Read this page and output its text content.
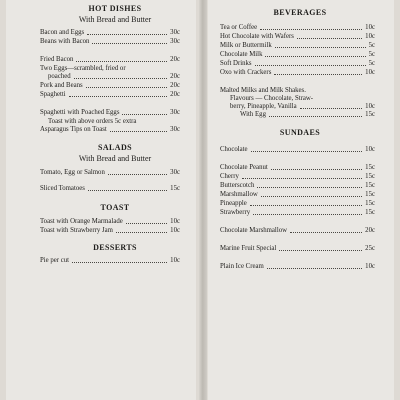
HOT DISHES
With Bread and Butter
Bacon and Eggs	30c
Beans with Bacon	30c
Fried Bacon	20c
Two Eggs—scrambled, fried or
poached	20c
Pork and Beans	20c
Spaghetti	20c
Spaghetti with Poached Eggs	30c
Toast with above orders 5c extra
Asparagus Tips on Toast	30c
SALADS
With Bread and Butter
Tomato, Egg or Salmon	30c
Sliced Tomatoes	15c
TOAST
Toast with Orange Marmalade	10c
Toast with Strawberry Jam	10c
DESSERTS
Pie per cut	10c
BEVERAGES
Tea or Coffee	10c
Hot Chocolate with Wafers	10c
Milk or Buttermilk	5c
Chocolate Milk	5c
Soft Drinks	5c
Oxo with Crackers	10c
Malted Milks and Milk Shakes.
Flavours — Chocolate, Straw-
berry, Pineapple, Vanilla	10c
With Egg	15c
SUNDAES
Chocolate	10c
Chocolate Peanut	15c
Cherry	15c
Butterscotch	15c
Marshmallow	15c
Pineapple	15c
Strawberry	15c
Chocolate Marshmallow	20c
Marine Fruit Special	25c
Plain Ice Cream	10c
